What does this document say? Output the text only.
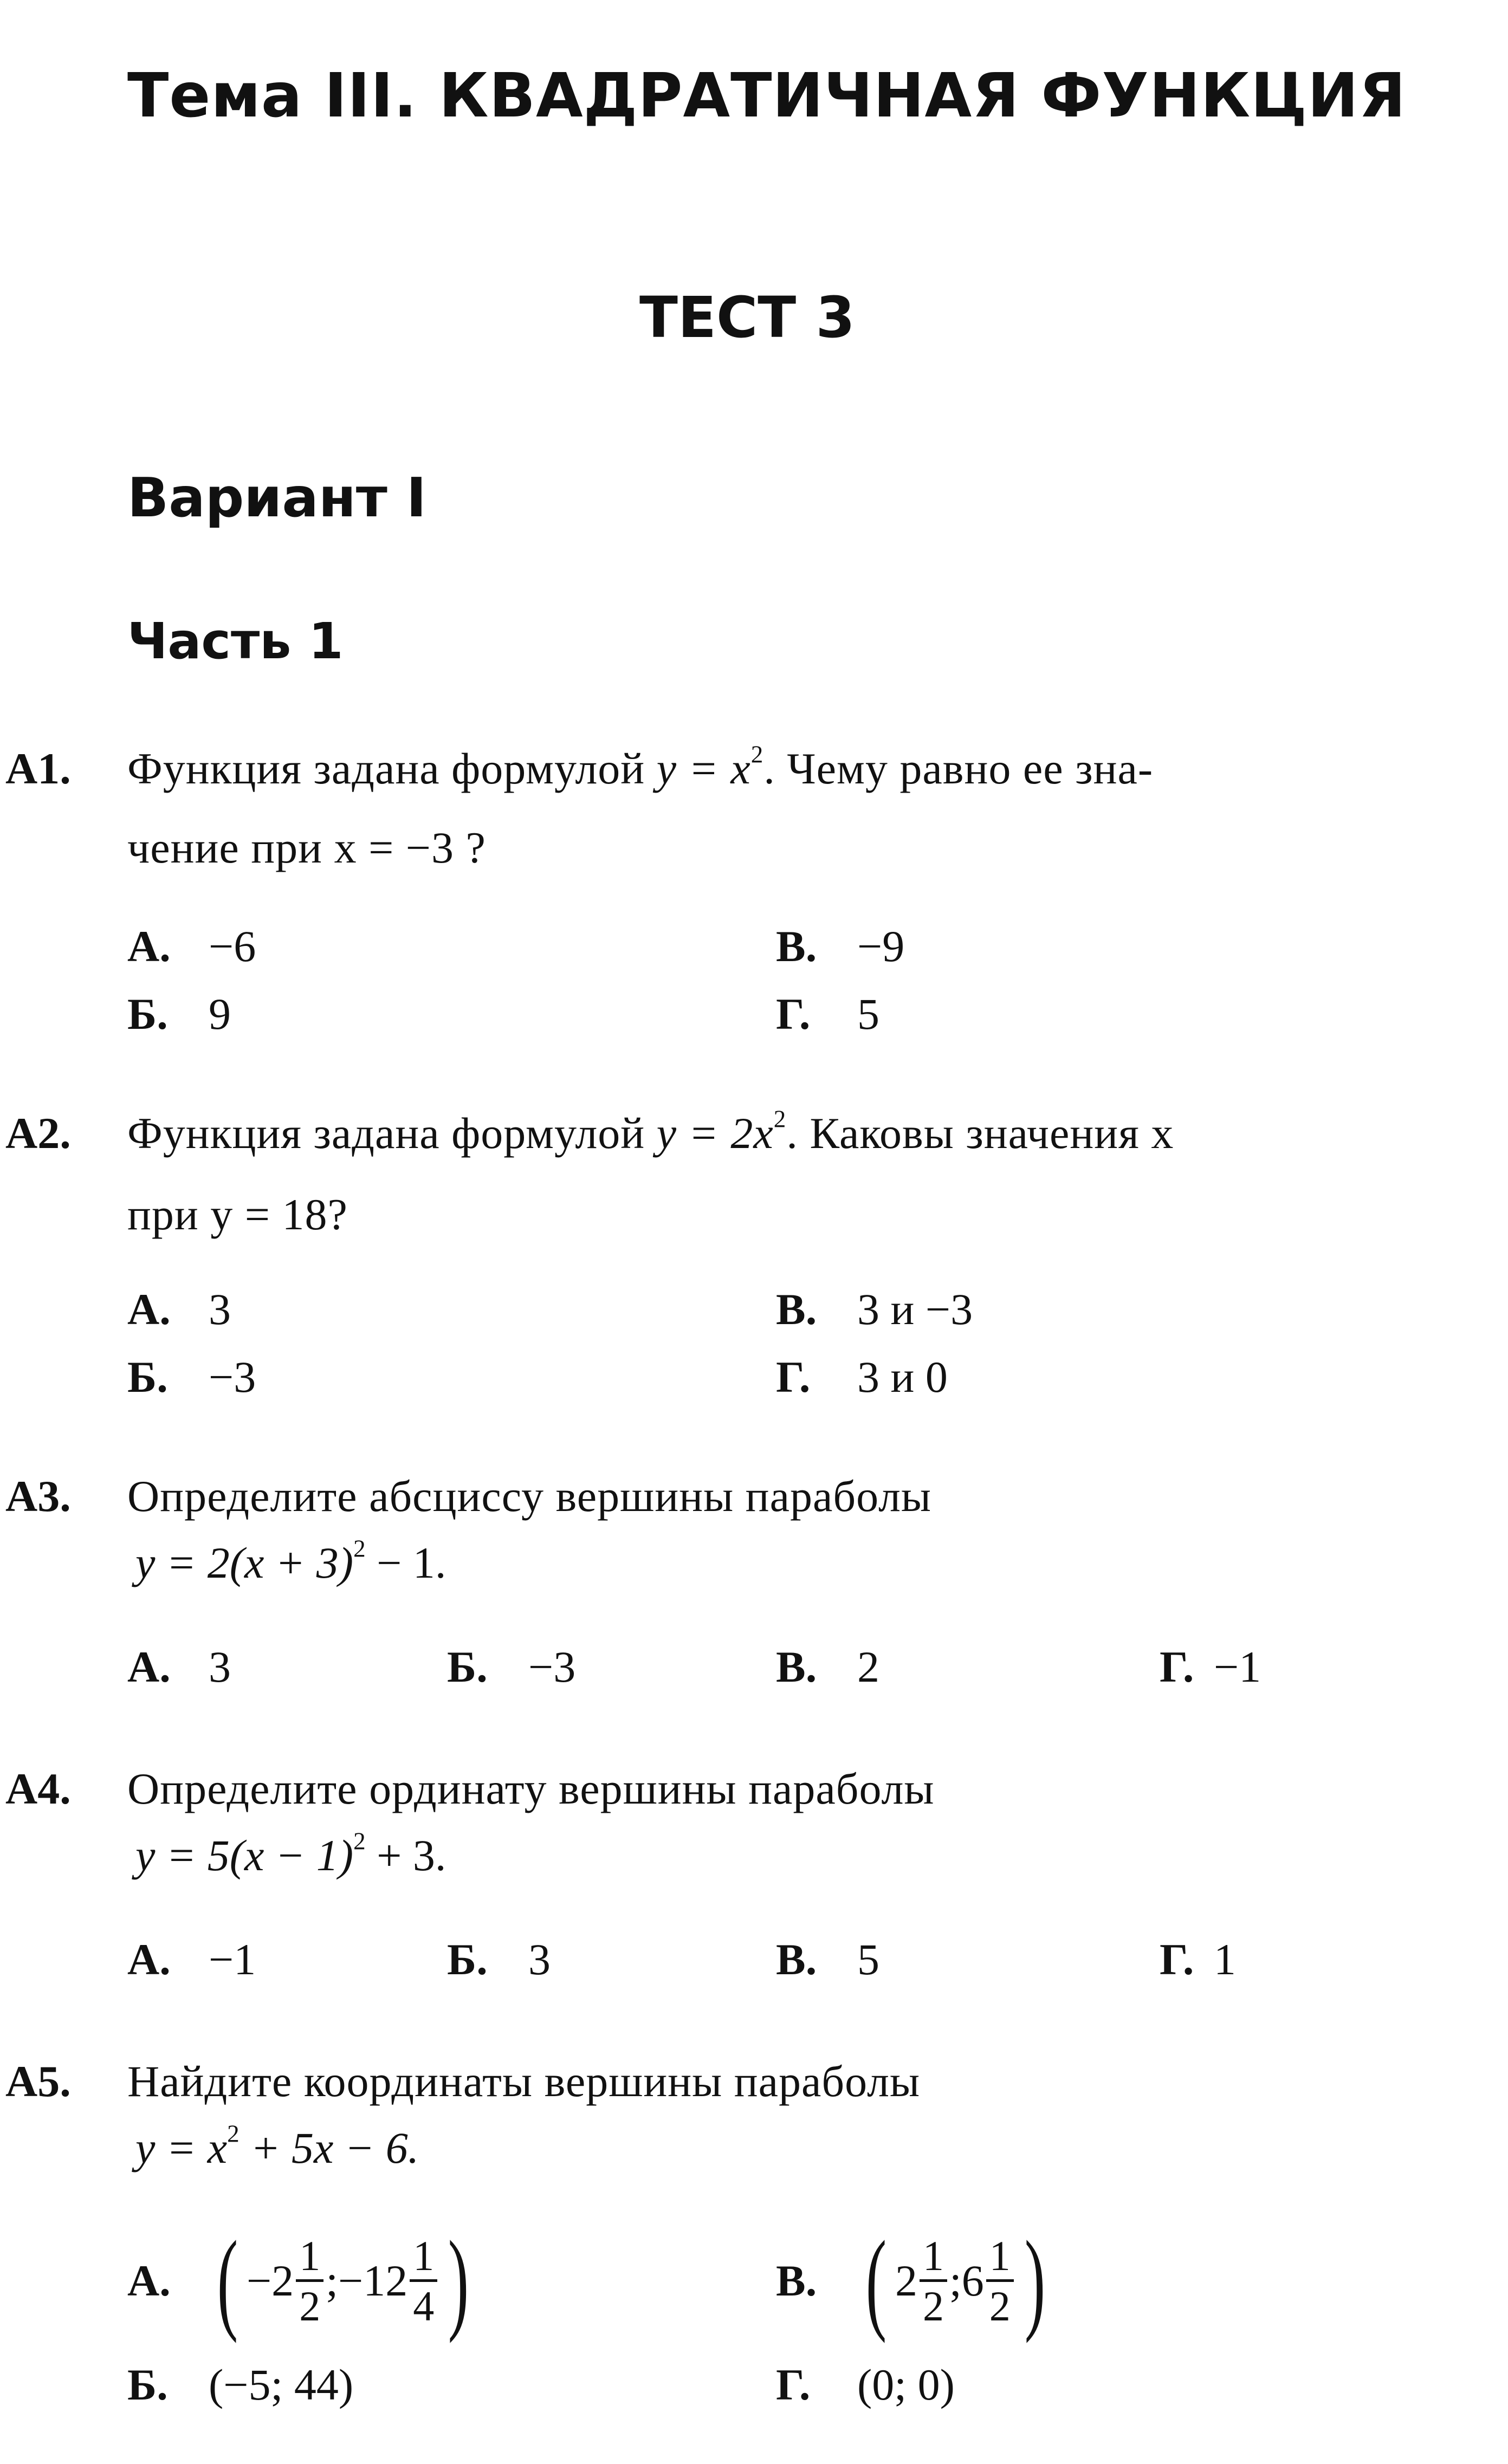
Тема III. КВАДРАТИЧНАЯ ФУНКЦИЯ
ТЕСТ 3
Вариант I
Часть 1
A1. Функция задана формулой $y = x^2$. Чему равно ее зна-
чение при x = −3 ?
А. −6	В. −9
Б. 9	Г. 5
A2. Функция задана формулой $y = 2x^2$. Каковы значения x
при y = 18?
А. 3	В. 3 и −3
Б. −3	Г. 3 и 0
A3. Определите абсциссу вершины параболы
$y = 2(x + 3)^2 - 1$.
А. 3	Б. −3	В. 2	Г. −1
A4. Определите ординату вершины параболы
$y = 5(x - 1)^2 + 3$.
А. −1	Б. 3	В. 5	Г. 1
A5. Найдите координаты вершины параболы
$y = x^2 + 5x - 6$.
А. ( $-2 \frac{1}{2}$ ; $-12 \frac{1}{4}$ )	В. ( $2 \frac{1}{2}$ ; $6 \frac{1}{2}$ )
Б. (−5; 44)	Г. (0; 0)
